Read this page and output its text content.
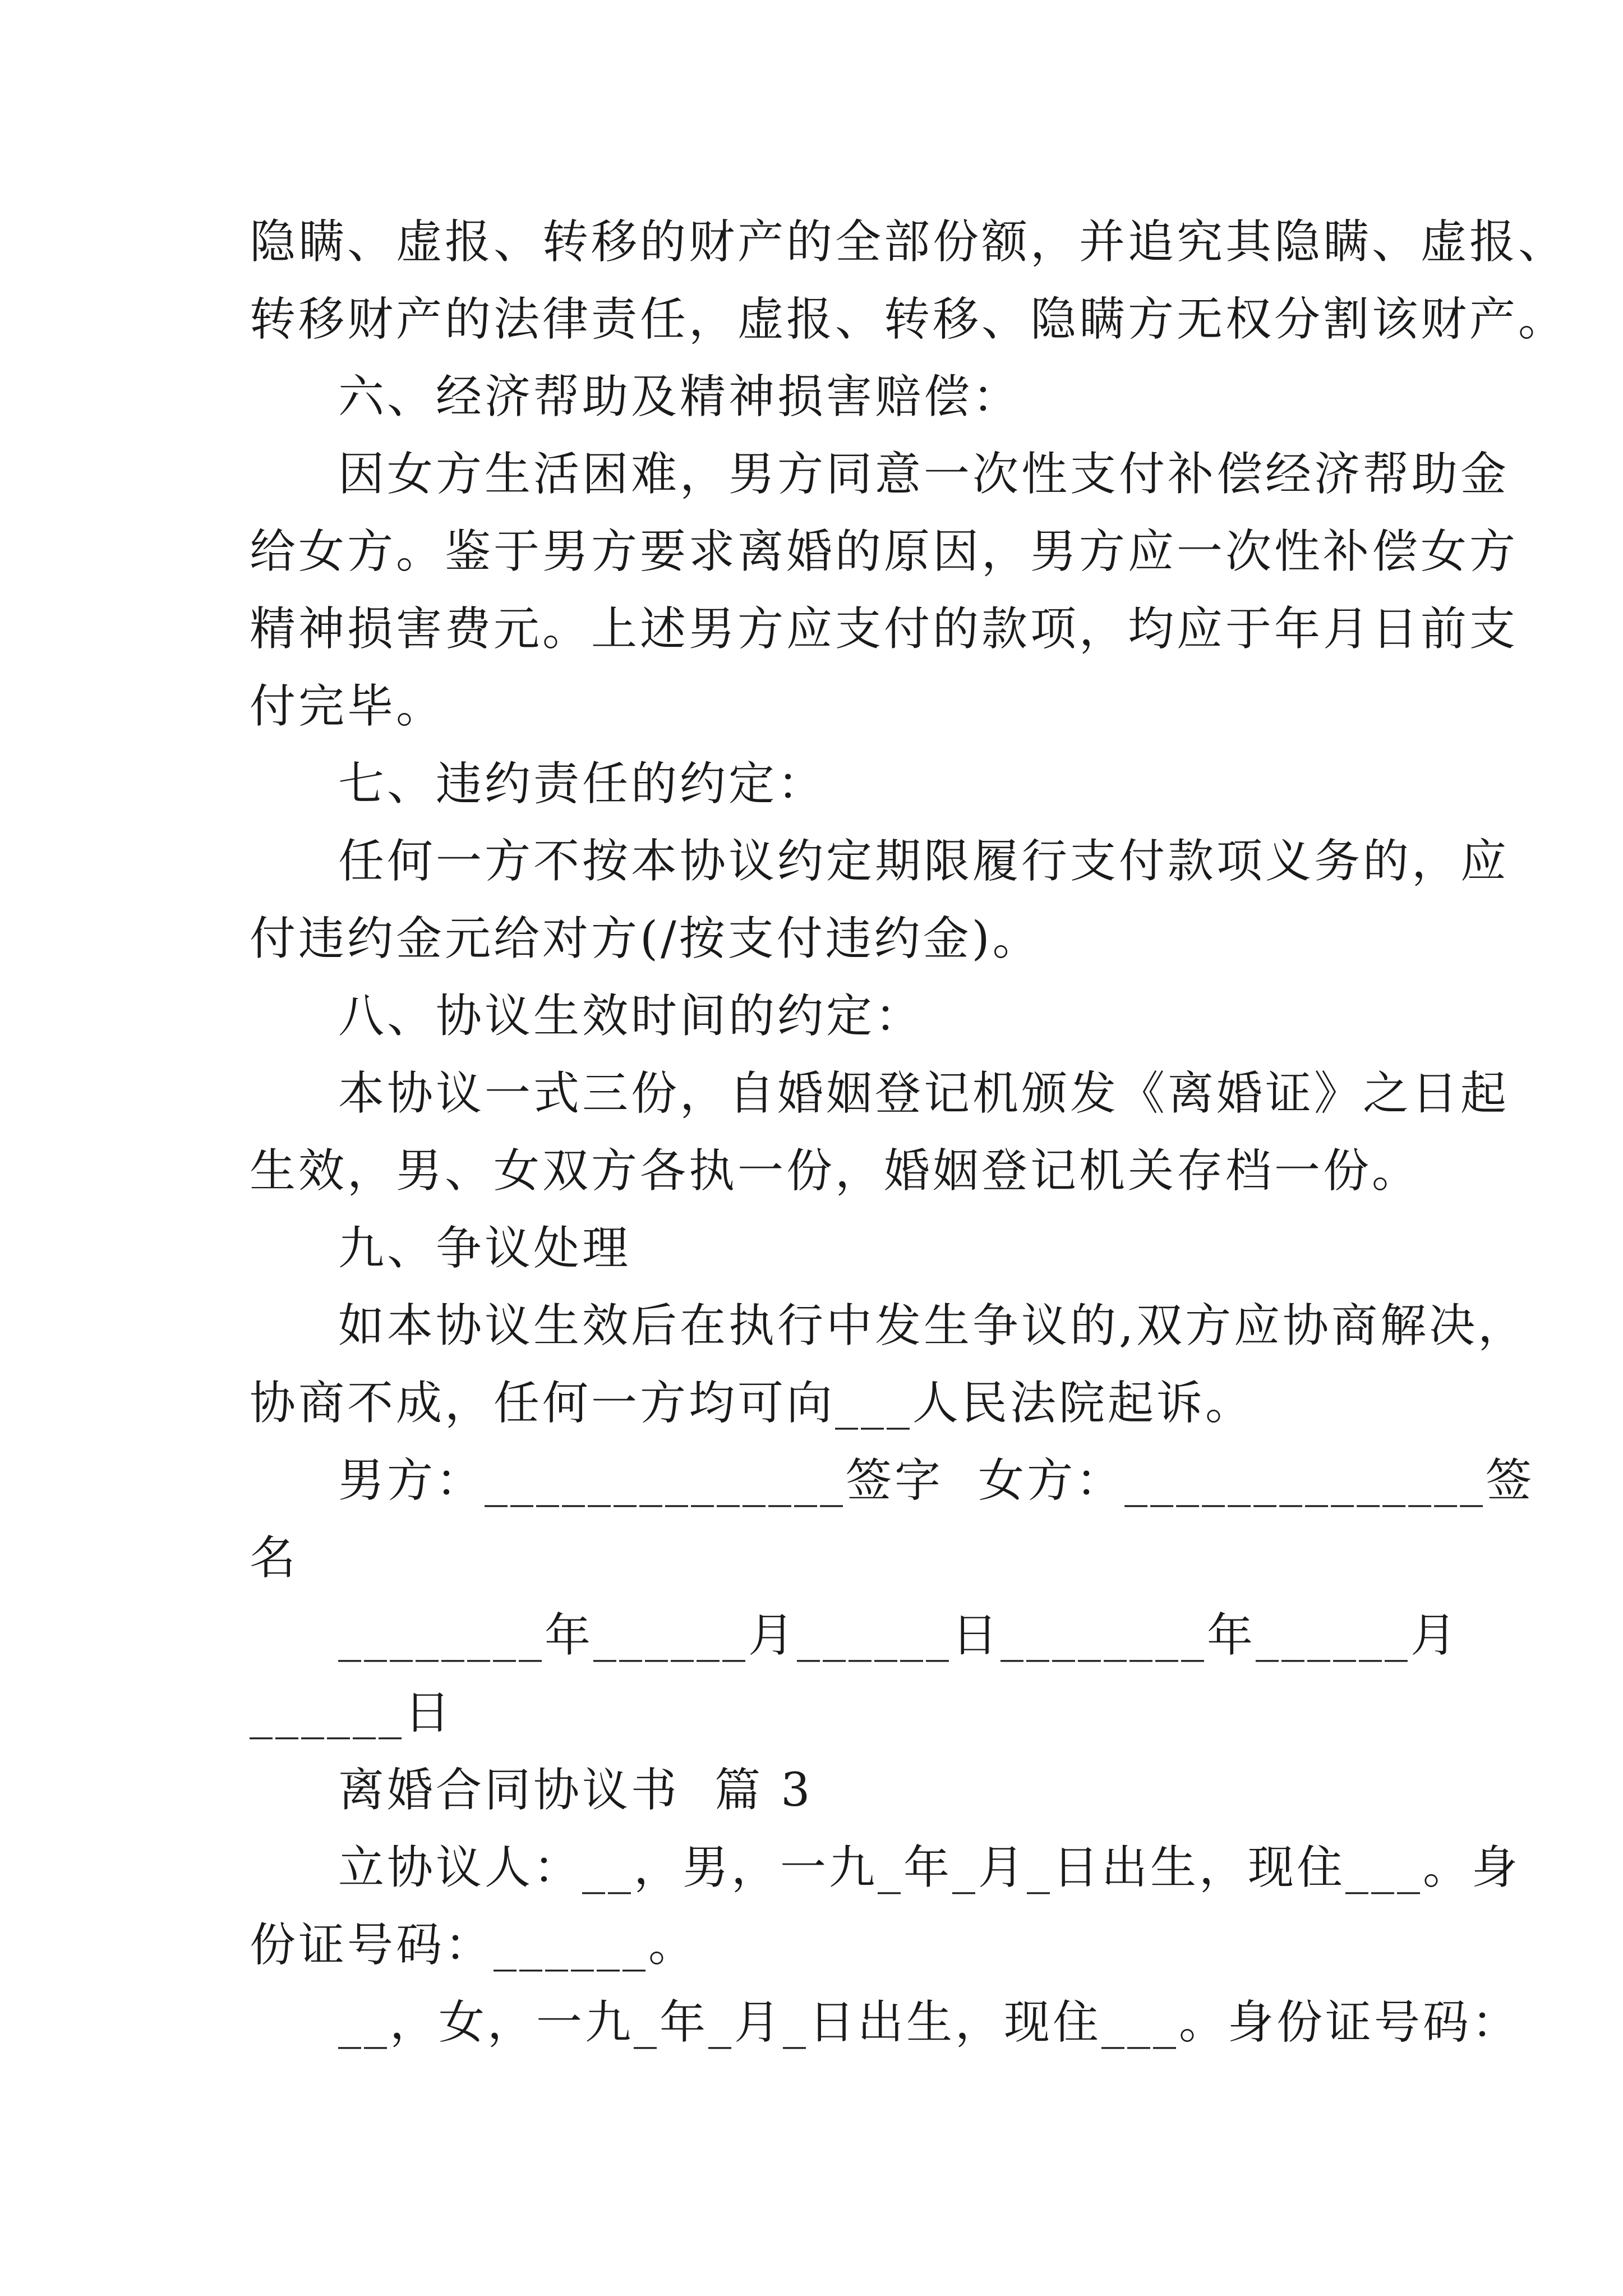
隐瞒、虚报、转移的财产的全部份额，并追究其隐瞒、虚报、
转移财产的法律责任，虚报、转移、隐瞒方无权分割该财产。
六、经济帮助及精神损害赔偿：
因女方生活困难，男方同意一次性支付补偿经济帮助金
给女方。鉴于男方要求离婚的原因，男方应一次性补偿女方
精神损害费元。上述男方应支付的款项，均应于年月日前支
付完毕。
七、违约责任的约定：
任何一方不按本协议约定期限履行支付款项义务的，应
付违约金元给对方(/按支付违约金)。
八、协议生效时间的约定：
本协议一式三份，自婚姻登记机颁发《离婚证》之日起
生效，男、女双方各执一份，婚姻登记机关存档一份。
九、争议处理
如本协议生效后在执行中发生争议的,双方应协商解决，
协商不成，任何一方均可向___人民法院起诉。
男方：______________签字  女方：______________签
名
________年______月______日________年______月
______日
离婚合同协议书  篇 3
立协议人：__，男，一九_年_月_日出生，现住___。身
份证号码：______。
__，女，一九_年_月_日出生，现住___。身份证号码：
